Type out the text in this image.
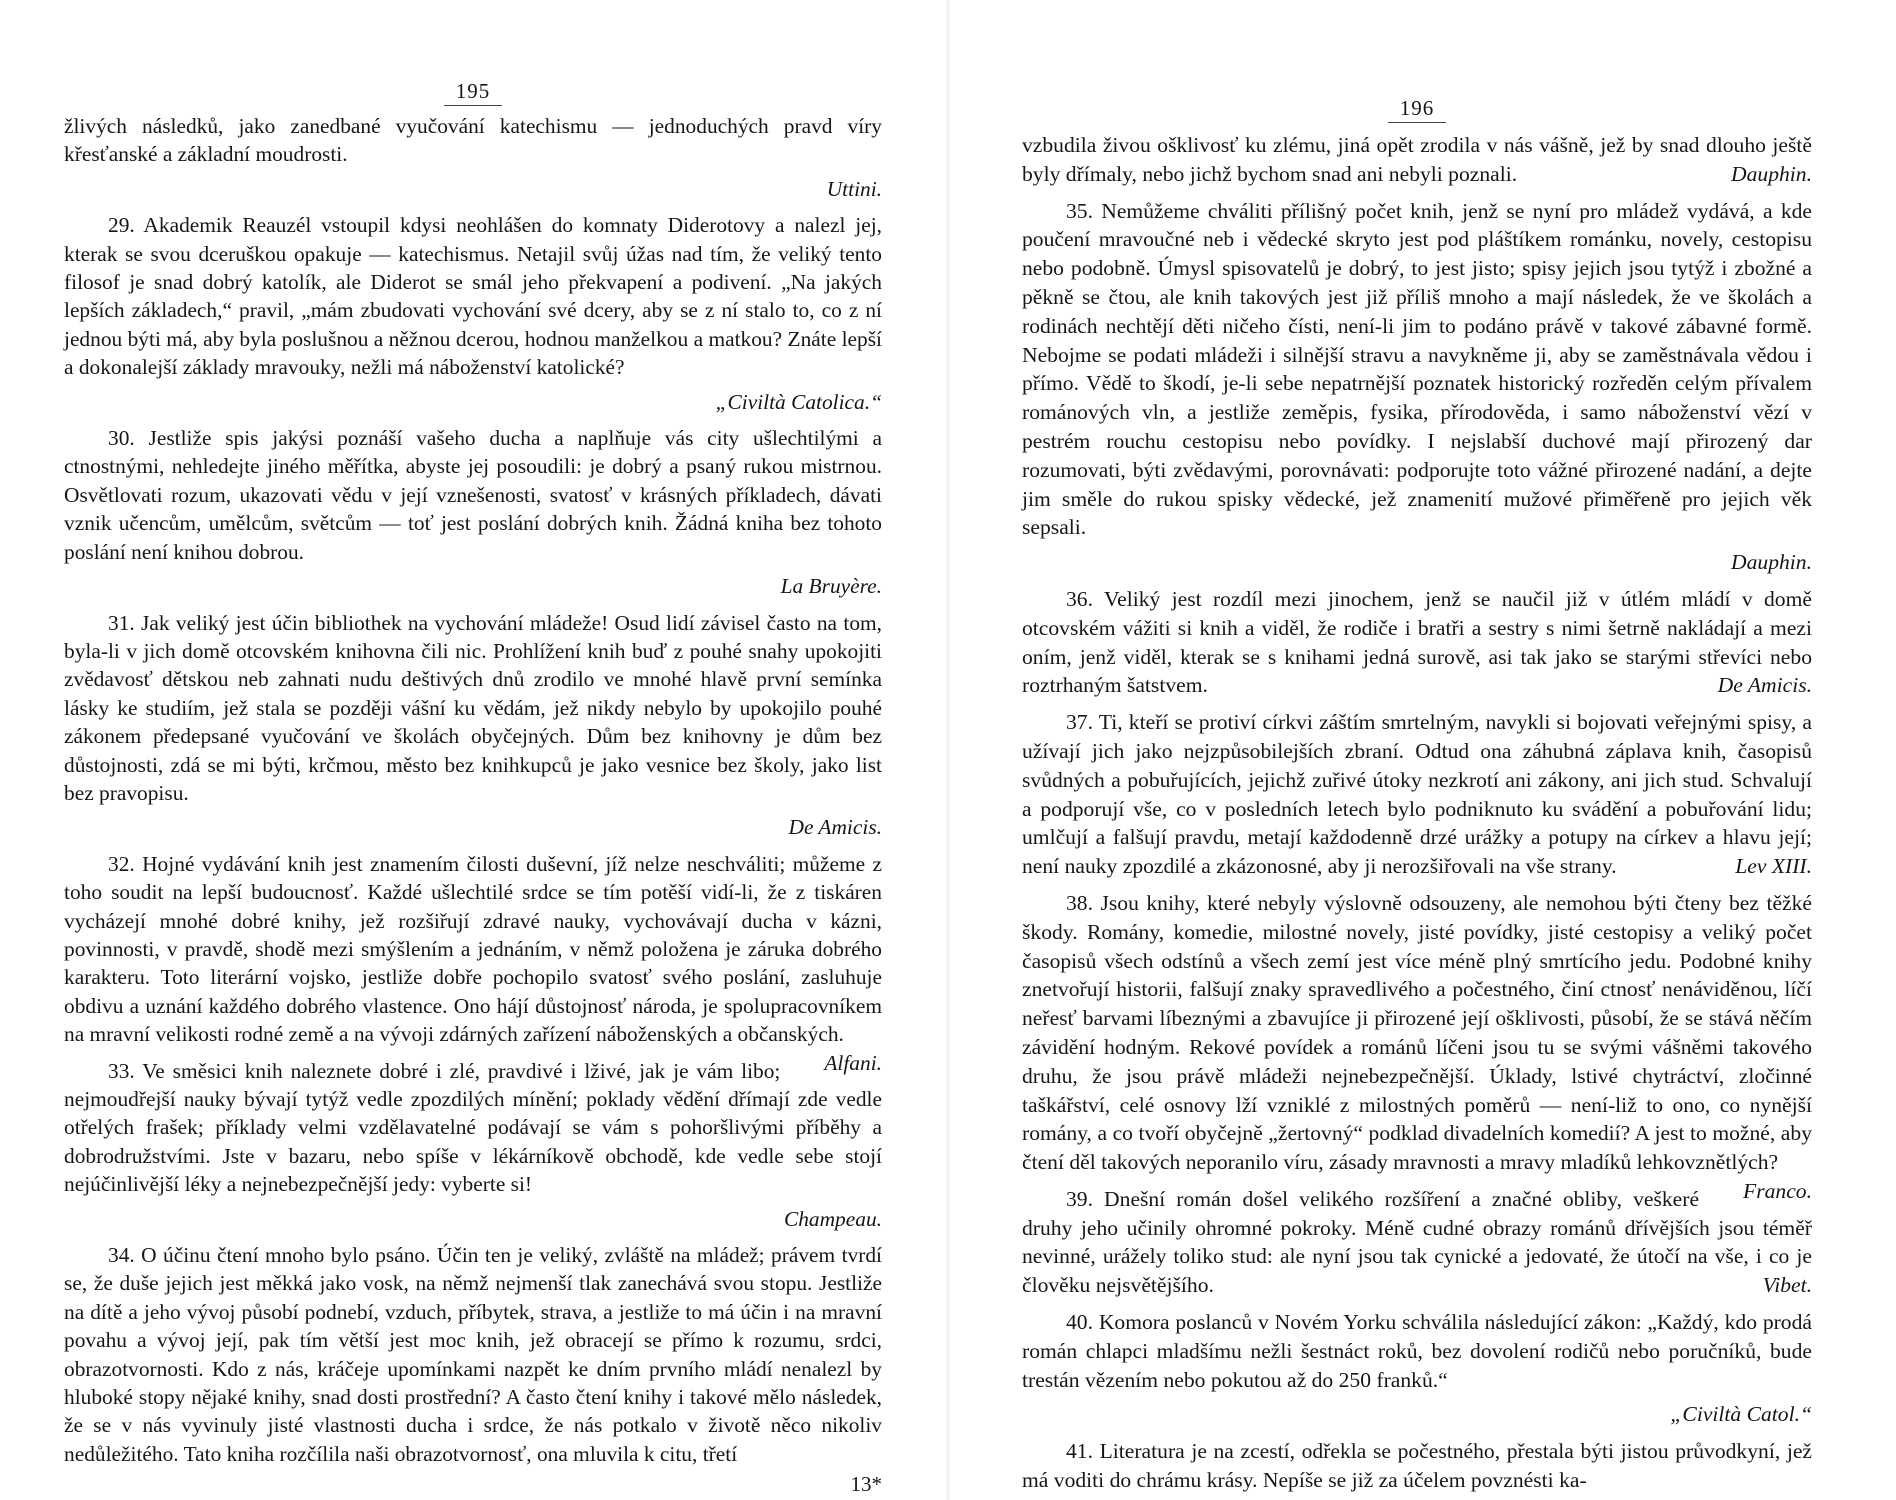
195

žlivých následků, jako zanedbané vyučování katechismu — jednoduchých pravd víry křesťanské a základní moudrosti.

Uttini.

29. Akademik Reauzél vstoupil kdysi neohlášen do komnaty Diderotovy a nalezl jej, kterak se svou dceruškou opakuje — katechismus. Netajil svůj úžas nad tím, že veliký tento filosof je snad dobrý katolík, ale Diderot se smál jeho překvapení a podivení. „Na jakých lepších základech,“ pravil, „mám zbudovati vychování své dcery, aby se z ní stalo to, co z ní jednou býti má, aby byla poslušnou a něžnou dcerou, hodnou manželkou a matkou? Znáte lepší a dokonalejší základy mravouky, nežli má náboženství katolické?

„Civiltà Catolica.“

30. Jestliže spis jakýsi poznáší vašeho ducha a naplňuje vás city ušlechtilými a ctnostnými, nehledejte jiného měřítka, abyste jej posoudili: je dobrý a psaný rukou mistrnou. Osvětlovati rozum, ukazovati vědu v její vznešenosti, svatosť v krásných příkladech, dávati vznik učencům, umělcům, světcům — toť jest poslání dobrých knih. Žádná kniha bez tohoto poslání není knihou dobrou.

La Bruyère.

31. Jak veliký jest účin bibliothek na vychování mládeže! Osud lidí závisel často na tom, byla-li v jich domě otcovském knihovna čili nic. Prohlížení knih buď z pouhé snahy upokojiti zvědavosť dětskou neb zahnati nudu deštivých dnů zrodilo ve mnohé hlavě první semínka lásky ke studiím, jež stala se později vášní ku vědám, jež nikdy nebylo by upokojilo pouhé zákonem předepsané vyučování ve školách obyčejných. Dům bez knihovny je dům bez důstojnosti, zdá se mi býti, krčmou, město bez knihkupců je jako vesnice bez školy, jako list bez pravopisu.

De Amicis.

32. Hojné vydávání knih jest znamením čilosti duševní, jíž nelze neschváliti; můžeme z toho soudit na lepší budoucnosť. Každé ušlechtilé srdce se tím potěší vidí-li, že z tiskáren vycházejí mnohé dobré knihy, jež rozšiřují zdravé nauky, vychovávají ducha v kázni, povinnosti, v pravdě, shodě mezi smýšlením a jednáním, v němž položena je záruka dobrého karakteru. Toto literární vojsko, jestliže dobře pochopilo svatosť svého poslání, zasluhuje obdivu a uznání každého dobrého vlastence. Ono hájí důstojnosť národa, je spolupracovníkem na mravní velikosti rodné země a na vývoji zdárných zařízení náboženských a občanských.
Alfani.

33. Ve směsici knih naleznete dobré i zlé, pravdivé i lživé, jak je vám libo; nejmoudřejší nauky bývají tytýž vedle zpozdilých mínění; poklady vědění dřímají zde vedle otřelých frašek; příklady velmi vzdělavatelné podávají se vám s pohoršlivými příběhy a dobrodružstvími. Jste v bazaru, nebo spíše v lékárníkově obchodě, kde vedle sebe stojí nejúčinlivější léky a nejnebezpečnější jedy: vyberte si!

Champeau.

34. O účinu čtení mnoho bylo psáno. Účin ten je veliký, zvláště na mládež; právem tvrdí se, že duše jejich jest měkká jako vosk, na němž nejmenší tlak zanechává svou stopu. Jestliže na dítě a jeho vývoj působí podnebí, vzduch, příbytek, strava, a jestliže to má účin i na mravní povahu a vývoj její, pak tím větší jest moc knih, jež obracejí se přímo k rozumu, srdci, obrazotvornosti. Kdo z nás, kráčeje upomínkami nazpět ke dním prvního mládí nenalezl by hluboké stopy nějaké knihy, snad dosti prostřední? A často čtení knihy i takové mělo následek, že se v nás vyvinuly jisté vlastnosti ducha i srdce, že nás potkalo v životě něco nikoliv nedůležitého. Tato kniha rozčílila naši obrazotvornosť, ona mluvila k citu, třetí

13*
196

vzbudila živou ošklivosť ku zlému, jiná opět zrodila v nás vášně, jež by snad dlouho ještě byly dřímaly, nebo jichž bychom snad ani nebyli poznali.	Dauphin.

35. Nemůžeme chváliti přílišný počet knih, jenž se nyní pro mládež vydává, a kde poučení mravoučné neb i vědecké skryto jest pod pláštíkem románku, novely, cestopisu nebo podobně. Úmysl spisovatelů je dobrý, to jest jisto; spisy jejich jsou tytýž i zbožné a pěkně se čtou, ale knih takových jest již příliš mnoho a mají následek, že ve školách a rodinách nechtějí děti ničeho čísti, není-li jim to podáno právě v takové zábavné formě. Nebojme se podati mládeži i silnější stravu a navykněme ji, aby se zaměstnávala vědou i přímo. Vědě to škodí, je-li sebe nepatrnější poznatek historický rozředěn celým přívalem románových vln, a jestliže zeměpis, fysika, přírodověda, i samo náboženství vězí v pestrém rouchu cestopisu nebo povídky. I nejslabší duchové mají přirozený dar rozumovati, býti zvědavými, porovnávati: podporujte toto vážné přirozené nadání, a dejte jim směle do rukou spisky vědecké, jež znamenití mužové přiměřeně pro jejich věk sepsali.

Dauphin.

36. Veliký jest rozdíl mezi jinochem, jenž se naučil již v útlém mládí v domě otcovském vážiti si knih a viděl, že rodiče i bratři a sestry s nimi šetrně nakládají a mezi oním, jenž viděl, kterak se s knihami jedná surově, asi tak jako se starými střevíci nebo roztrhaným šatstvem.	De Amicis.

37. Ti, kteří se protiví církvi záštím smrtelným, navykli si bojovati veřejnými spisy, a užívají jich jako nejzpůsobilejších zbraní. Odtud ona záhubná záplava knih, časopisů svůdných a pobuřujících, jejichž zuřivé útoky nezkrotí ani zákony, ani jich stud. Schvalují a podporují vše, co v posledních letech bylo podniknuto ku svádění a pobuřování lidu; umlčují a falšují pravdu, metají každodenně drzé urážky a potupy na církev a hlavu její; není nauky zpozdilé a zkázonosné, aby ji nerozšiřovali na vše strany.	Lev XIII.

38. Jsou knihy, které nebyly výslovně odsouzeny, ale nemohou býti čteny bez těžké škody. Romány, komedie, milostné novely, jisté povídky, jisté cestopisy a veliký počet časopisů všech odstínů a všech zemí jest více méně plný smrtícího jedu. Podobné knihy znetvořují historii, falšují znaky spravedlivého a počestného, činí ctnosť nenáviděnou, líčí neřesť barvami líbeznými a zbavujíce ji přirozené její ošklivosti, působí, že se stává něčím závidění hodným. Rekové povídek a románů líčeni jsou tu se svými vášněmi takového druhu, že jsou právě mládeži nejnebezpečnější. Úklady, lstivé chytráctví, zločinné taškářství, celé osnovy lží vzniklé z milostných poměrů — není-liž to ono, co nynější romány, a co tvoří obyčejně „žertovný“ podklad divadelních komedií? A jest to možné, aby čtení děl takových neporanilo víru, zásady mravnosti a mravy mladíků lehkovznětlých?
Franco.

39. Dnešní román došel velikého rozšíření a značné obliby, veškeré druhy jeho učinily ohromné pokroky. Méně cudné obrazy románů dřívějších jsou téměř nevinné, urážely toliko stud: ale nyní jsou tak cynické a jedovaté, že útočí na vše, i co je člověku nejsvětějšího.	Vibet.

40. Komora poslanců v Novém Yorku schválila následující zákon: „Každý, kdo prodá román chlapci mladšímu nežli šestnáct roků, bez dovolení rodičů nebo poručníků, bude trestán vězením nebo pokutou až do 250 franků.“

„Civiltà Catol.“

41. Literatura je na zcestí, odřekla se počestného, přestala býti jistou průvodkyní, jež má voditi do chrámu krásy. Nepíše se již za účelem povznésti ka-
